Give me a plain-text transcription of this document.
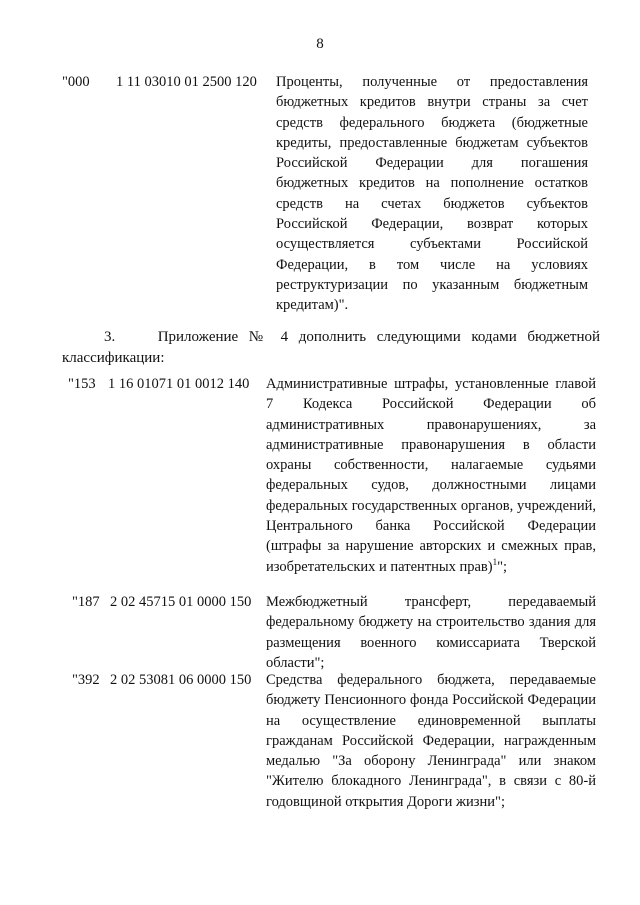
8
"000 1 11 03010 01 2500 120 Проценты, полученные от предоставления бюджетных кредитов внутри страны за счет средств федерального бюджета (бюджетные кредиты, предоставленные бюджетам субъектов Российской Федерации для погашения бюджетных кредитов на пополнение остатков средств на счетах бюджетов субъектов Российской Федерации, возврат которых осуществляется субъектами Российской Федерации, в том числе на условиях реструктуризации по указанным бюджетным кредитам)".
3.	Приложение № 4 дополнить следующими кодами бюджетной классификации:
"153 1 16 01071 01 0012 140 Административные штрафы, установленные главой 7 Кодекса Российской Федерации об административных правонарушениях, за административные правонарушения в области охраны собственности, налагаемые судьями федеральных судов, должностными лицами федеральных государственных органов, учреждений, Центрального банка Российской Федерации (штрафы за нарушение авторских и смежных прав, изобретательских и патентных прав)$^1$";
"187 2 02 45715 01 0000 150 Межбюджетный трансферт, передаваемый федеральному бюджету на строительство здания для размещения военного комиссариата Тверской области";
"392 2 02 53081 06 0000 150 Средства федерального бюджета, передаваемые бюджету Пенсионного фонда Российской Федерации на осуществление единовременной выплаты гражданам Российской Федерации, награжденным медалью "За оборону Ленинграда" или знаком "Жителю блокадного Ленинграда", в связи с 80-й годовщиной открытия Дороги жизни";
